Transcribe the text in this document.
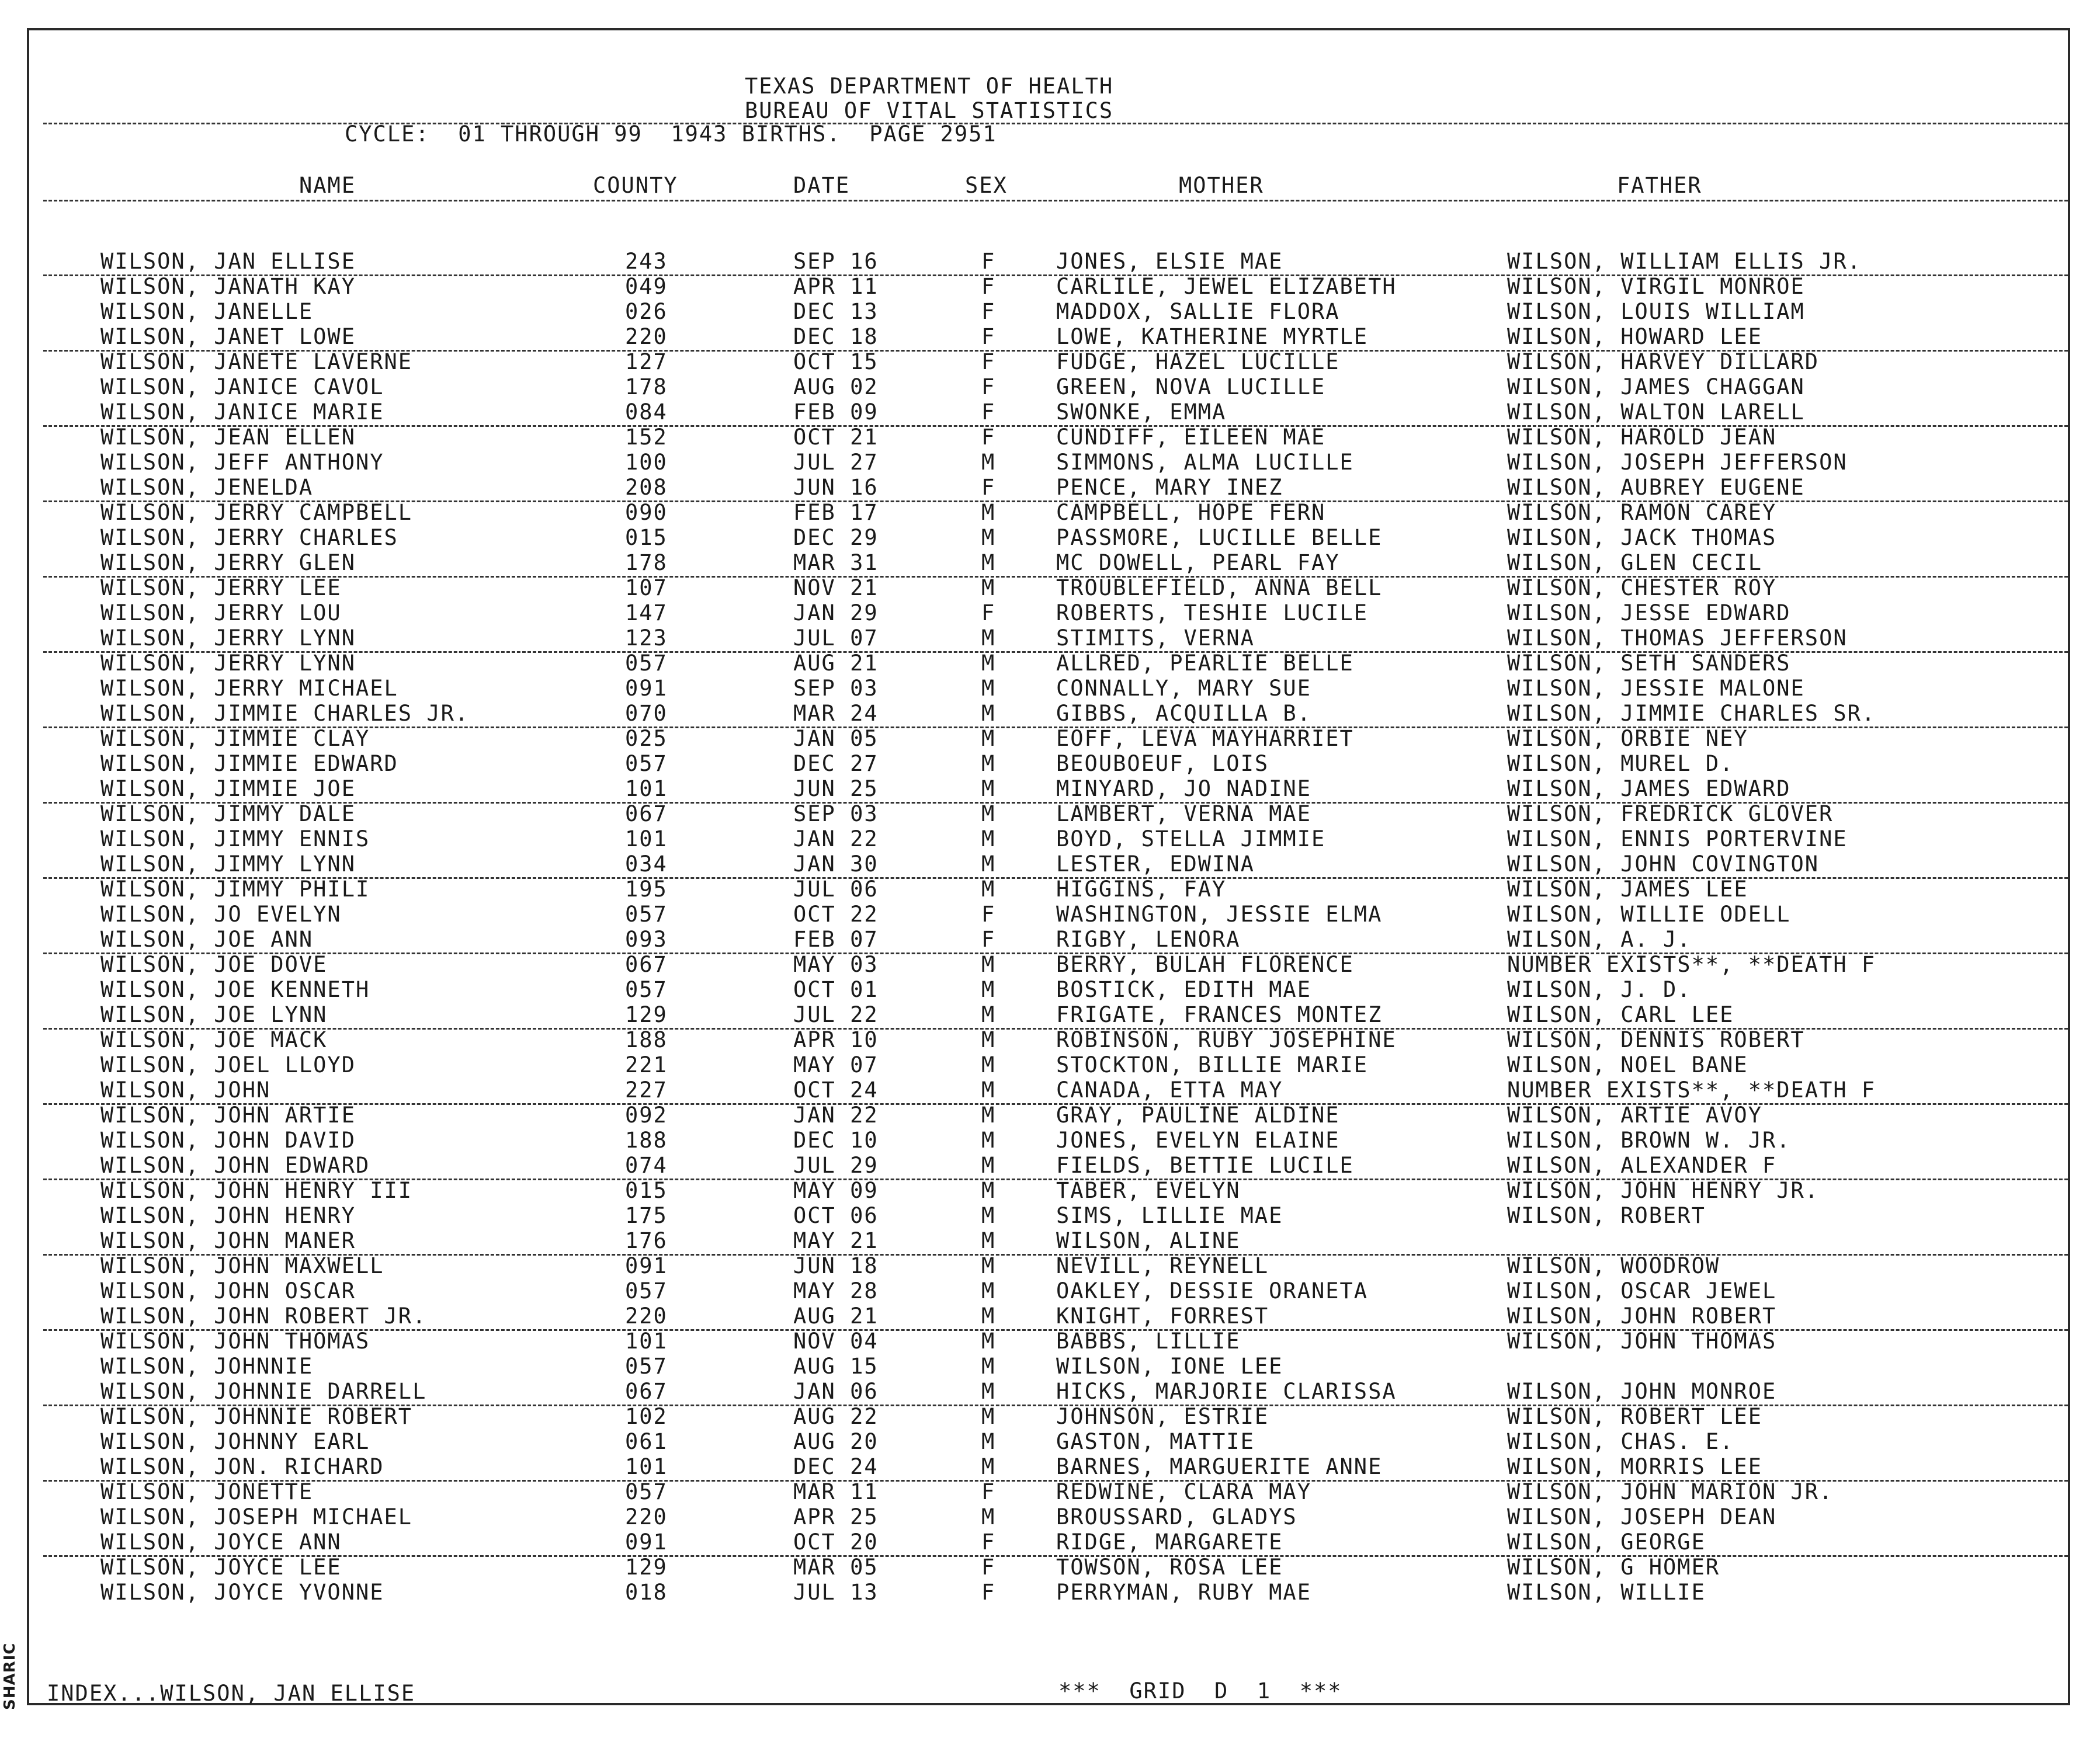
SHARIC
TEXAS DEPARTMENT OF HEALTH
BUREAU OF VITAL STATISTICS
CYCLE:  01 THROUGH 99  1943 BIRTHS.  PAGE 2951
NAME	COUNTY	DATE	SEX	MOTHER	FATHER
WILSON, JAN ELLISE	243	SEP 16	F	JONES, ELSIE MAE	WILSON, WILLIAM ELLIS JR.
WILSON, JANATH KAY	049	APR 11	F	CARLILE, JEWEL ELIZABETH	WILSON, VIRGIL MONROE
WILSON, JANELLE	026	DEC 13	F	MADDOX, SALLIE FLORA	WILSON, LOUIS WILLIAM
WILSON, JANET LOWE	220	DEC 18	F	LOWE, KATHERINE MYRTLE	WILSON, HOWARD LEE
WILSON, JANETE LAVERNE	127	OCT 15	F	FUDGE, HAZEL LUCILLE	WILSON, HARVEY DILLARD
WILSON, JANICE CAVOL	178	AUG 02	F	GREEN, NOVA LUCILLE	WILSON, JAMES CHAGGAN
WILSON, JANICE MARIE	084	FEB 09	F	SWONKE, EMMA	WILSON, WALTON LARELL
WILSON, JEAN ELLEN	152	OCT 21	F	CUNDIFF, EILEEN MAE	WILSON, HAROLD JEAN
WILSON, JEFF ANTHONY	100	JUL 27	M	SIMMONS, ALMA LUCILLE	WILSON, JOSEPH JEFFERSON
WILSON, JENELDA	208	JUN 16	F	PENCE, MARY INEZ	WILSON, AUBREY EUGENE
WILSON, JERRY CAMPBELL	090	FEB 17	M	CAMPBELL, HOPE FERN	WILSON, RAMON CAREY
WILSON, JERRY CHARLES	015	DEC 29	M	PASSMORE, LUCILLE BELLE	WILSON, JACK THOMAS
WILSON, JERRY GLEN	178	MAR 31	M	MC DOWELL, PEARL FAY	WILSON, GLEN CECIL
WILSON, JERRY LEE	107	NOV 21	M	TROUBLEFIELD, ANNA BELL	WILSON, CHESTER ROY
WILSON, JERRY LOU	147	JAN 29	F	ROBERTS, TESHIE LUCILE	WILSON, JESSE EDWARD
WILSON, JERRY LYNN	123	JUL 07	M	STIMITS, VERNA	WILSON, THOMAS JEFFERSON
WILSON, JERRY LYNN	057	AUG 21	M	ALLRED, PEARLIE BELLE	WILSON, SETH SANDERS
WILSON, JERRY MICHAEL	091	SEP 03	M	CONNALLY, MARY SUE	WILSON, JESSIE MALONE
WILSON, JIMMIE CHARLES JR.	070	MAR 24	M	GIBBS, ACQUILLA B.	WILSON, JIMMIE CHARLES SR.
WILSON, JIMMIE CLAY	025	JAN 05	M	EOFF, LEVA MAYHARRIET	WILSON, ORBIE NEY
WILSON, JIMMIE EDWARD	057	DEC 27	M	BEOUBOEUF, LOIS	WILSON, MUREL D.
WILSON, JIMMIE JOE	101	JUN 25	M	MINYARD, JO NADINE	WILSON, JAMES EDWARD
WILSON, JIMMY DALE	067	SEP 03	M	LAMBERT, VERNA MAE	WILSON, FREDRICK GLOVER
WILSON, JIMMY ENNIS	101	JAN 22	M	BOYD, STELLA JIMMIE	WILSON, ENNIS PORTERVINE
WILSON, JIMMY LYNN	034	JAN 30	M	LESTER, EDWINA	WILSON, JOHN COVINGTON
WILSON, JIMMY PHILI	195	JUL 06	M	HIGGINS, FAY	WILSON, JAMES LEE
WILSON, JO EVELYN	057	OCT 22	F	WASHINGTON, JESSIE ELMA	WILSON, WILLIE ODELL
WILSON, JOE ANN	093	FEB 07	F	RIGBY, LENORA	WILSON, A. J.
WILSON, JOE DOVE	067	MAY 03	M	BERRY, BULAH FLORENCE	NUMBER EXISTS**, **DEATH F
WILSON, JOE KENNETH	057	OCT 01	M	BOSTICK, EDITH MAE	WILSON, J. D.
WILSON, JOE LYNN	129	JUL 22	M	FRIGATE, FRANCES MONTEZ	WILSON, CARL LEE
WILSON, JOE MACK	188	APR 10	M	ROBINSON, RUBY JOSEPHINE	WILSON, DENNIS ROBERT
WILSON, JOEL LLOYD	221	MAY 07	M	STOCKTON, BILLIE MARIE	WILSON, NOEL BANE
WILSON, JOHN	227	OCT 24	M	CANADA, ETTA MAY	NUMBER EXISTS**, **DEATH F
WILSON, JOHN ARTIE	092	JAN 22	M	GRAY, PAULINE ALDINE	WILSON, ARTIE AVOY
WILSON, JOHN DAVID	188	DEC 10	M	JONES, EVELYN ELAINE	WILSON, BROWN W. JR.
WILSON, JOHN EDWARD	074	JUL 29	M	FIELDS, BETTIE LUCILE	WILSON, ALEXANDER F
WILSON, JOHN HENRY III	015	MAY 09	M	TABER, EVELYN	WILSON, JOHN HENRY JR.
WILSON, JOHN HENRY	175	OCT 06	M	SIMS, LILLIE MAE	WILSON, ROBERT
WILSON, JOHN MANER	176	MAY 21	M	WILSON, ALINE
WILSON, JOHN MAXWELL	091	JUN 18	M	NEVILL, REYNELL	WILSON, WOODROW
WILSON, JOHN OSCAR	057	MAY 28	M	OAKLEY, DESSIE ORANETA	WILSON, OSCAR JEWEL
WILSON, JOHN ROBERT JR.	220	AUG 21	M	KNIGHT, FORREST	WILSON, JOHN ROBERT
WILSON, JOHN THOMAS	101	NOV 04	M	BABBS, LILLIE	WILSON, JOHN THOMAS
WILSON, JOHNNIE	057	AUG 15	M	WILSON, IONE LEE
WILSON, JOHNNIE DARRELL	067	JAN 06	M	HICKS, MARJORIE CLARISSA	WILSON, JOHN MONROE
WILSON, JOHNNIE ROBERT	102	AUG 22	M	JOHNSON, ESTRIE	WILSON, ROBERT LEE
WILSON, JOHNNY EARL	061	AUG 20	M	GASTON, MATTIE	WILSON, CHAS. E.
WILSON, JON. RICHARD	101	DEC 24	M	BARNES, MARGUERITE ANNE	WILSON, MORRIS LEE
WILSON, JONETTE	057	MAR 11	F	REDWINE, CLARA MAY	WILSON, JOHN MARION JR.
WILSON, JOSEPH MICHAEL	220	APR 25	M	BROUSSARD, GLADYS	WILSON, JOSEPH DEAN
WILSON, JOYCE ANN	091	OCT 20	F	RIDGE, MARGARETE	WILSON, GEORGE
WILSON, JOYCE LEE	129	MAR 05	F	TOWSON, ROSA LEE	WILSON, G HOMER
WILSON, JOYCE YVONNE	018	JUL 13	F	PERRYMAN, RUBY MAE	WILSON, WILLIE
INDEX...WILSON, JAN ELLISE	***  GRID  D  1  ***
